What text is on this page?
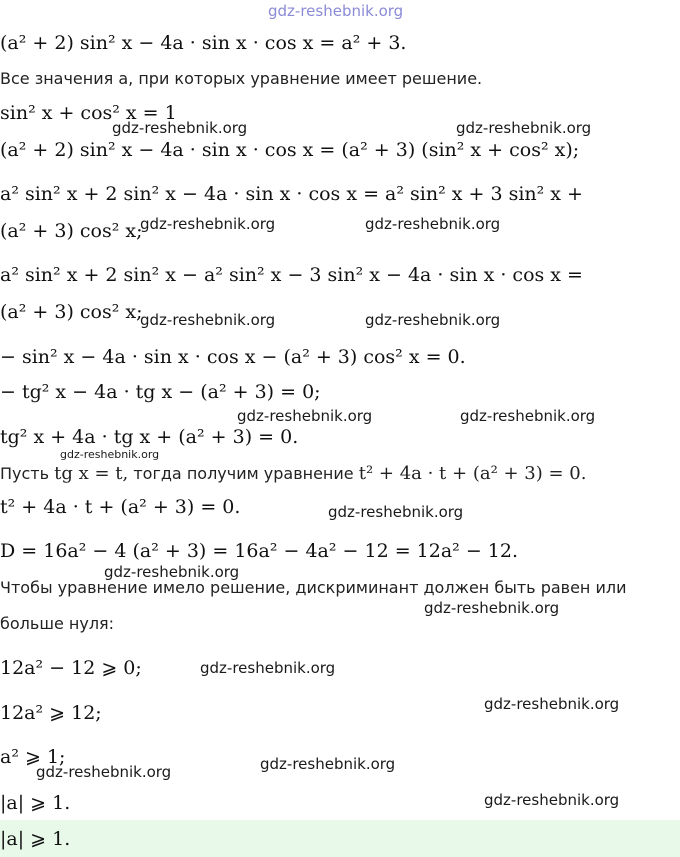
gdz-reshebnik.org
(a² + 2) sin² x − 4a · sin x · cos x = a² + 3.
Все значения a, при которых уравнение имеет решение.
sin² x + cos² x = 1
gdz-reshebnik.org	gdz-reshebnik.org
(a² + 2) sin² x − 4a · sin x · cos x = (a² + 3) (sin² x + cos² x);
a² sin² x + 2 sin² x − 4a · sin x · cos x = a² sin² x + 3 sin² x +
(a² + 3) cos² x;
gdz-reshebnik.org	gdz-reshebnik.org
a² sin² x + 2 sin² x − a² sin² x − 3 sin² x − 4a · sin x · cos x =
(a² + 3) cos² x;
gdz-reshebnik.org	gdz-reshebnik.org
− sin² x − 4a · sin x · cos x − (a² + 3) cos² x = 0.
− tg² x − 4a · tg x − (a² + 3) = 0;
gdz-reshebnik.org	gdz-reshebnik.org
tg² x + 4a · tg x + (a² + 3) = 0.
gdz-reshebnik.org
Пусть tg x = t, тогда получим уравнение t² + 4a · t + (a² + 3) = 0.
t² + 4a · t + (a² + 3) = 0.	gdz-reshebnik.org
D = 16a² − 4 (a² + 3) = 16a² − 4a² − 12 = 12a² − 12.
gdz-reshebnik.org
Чтобы уравнение имело решение, дискриминант должен быть равен или
gdz-reshebnik.org
больше нуля:
12a² − 12 ⩾ 0;	gdz-reshebnik.org
12a² ⩾ 12;	gdz-reshebnik.org
a² ⩾ 1;
gdz-reshebnik.org	gdz-reshebnik.org
|a| ⩾ 1.	gdz-reshebnik.org
|a| ⩾ 1.
